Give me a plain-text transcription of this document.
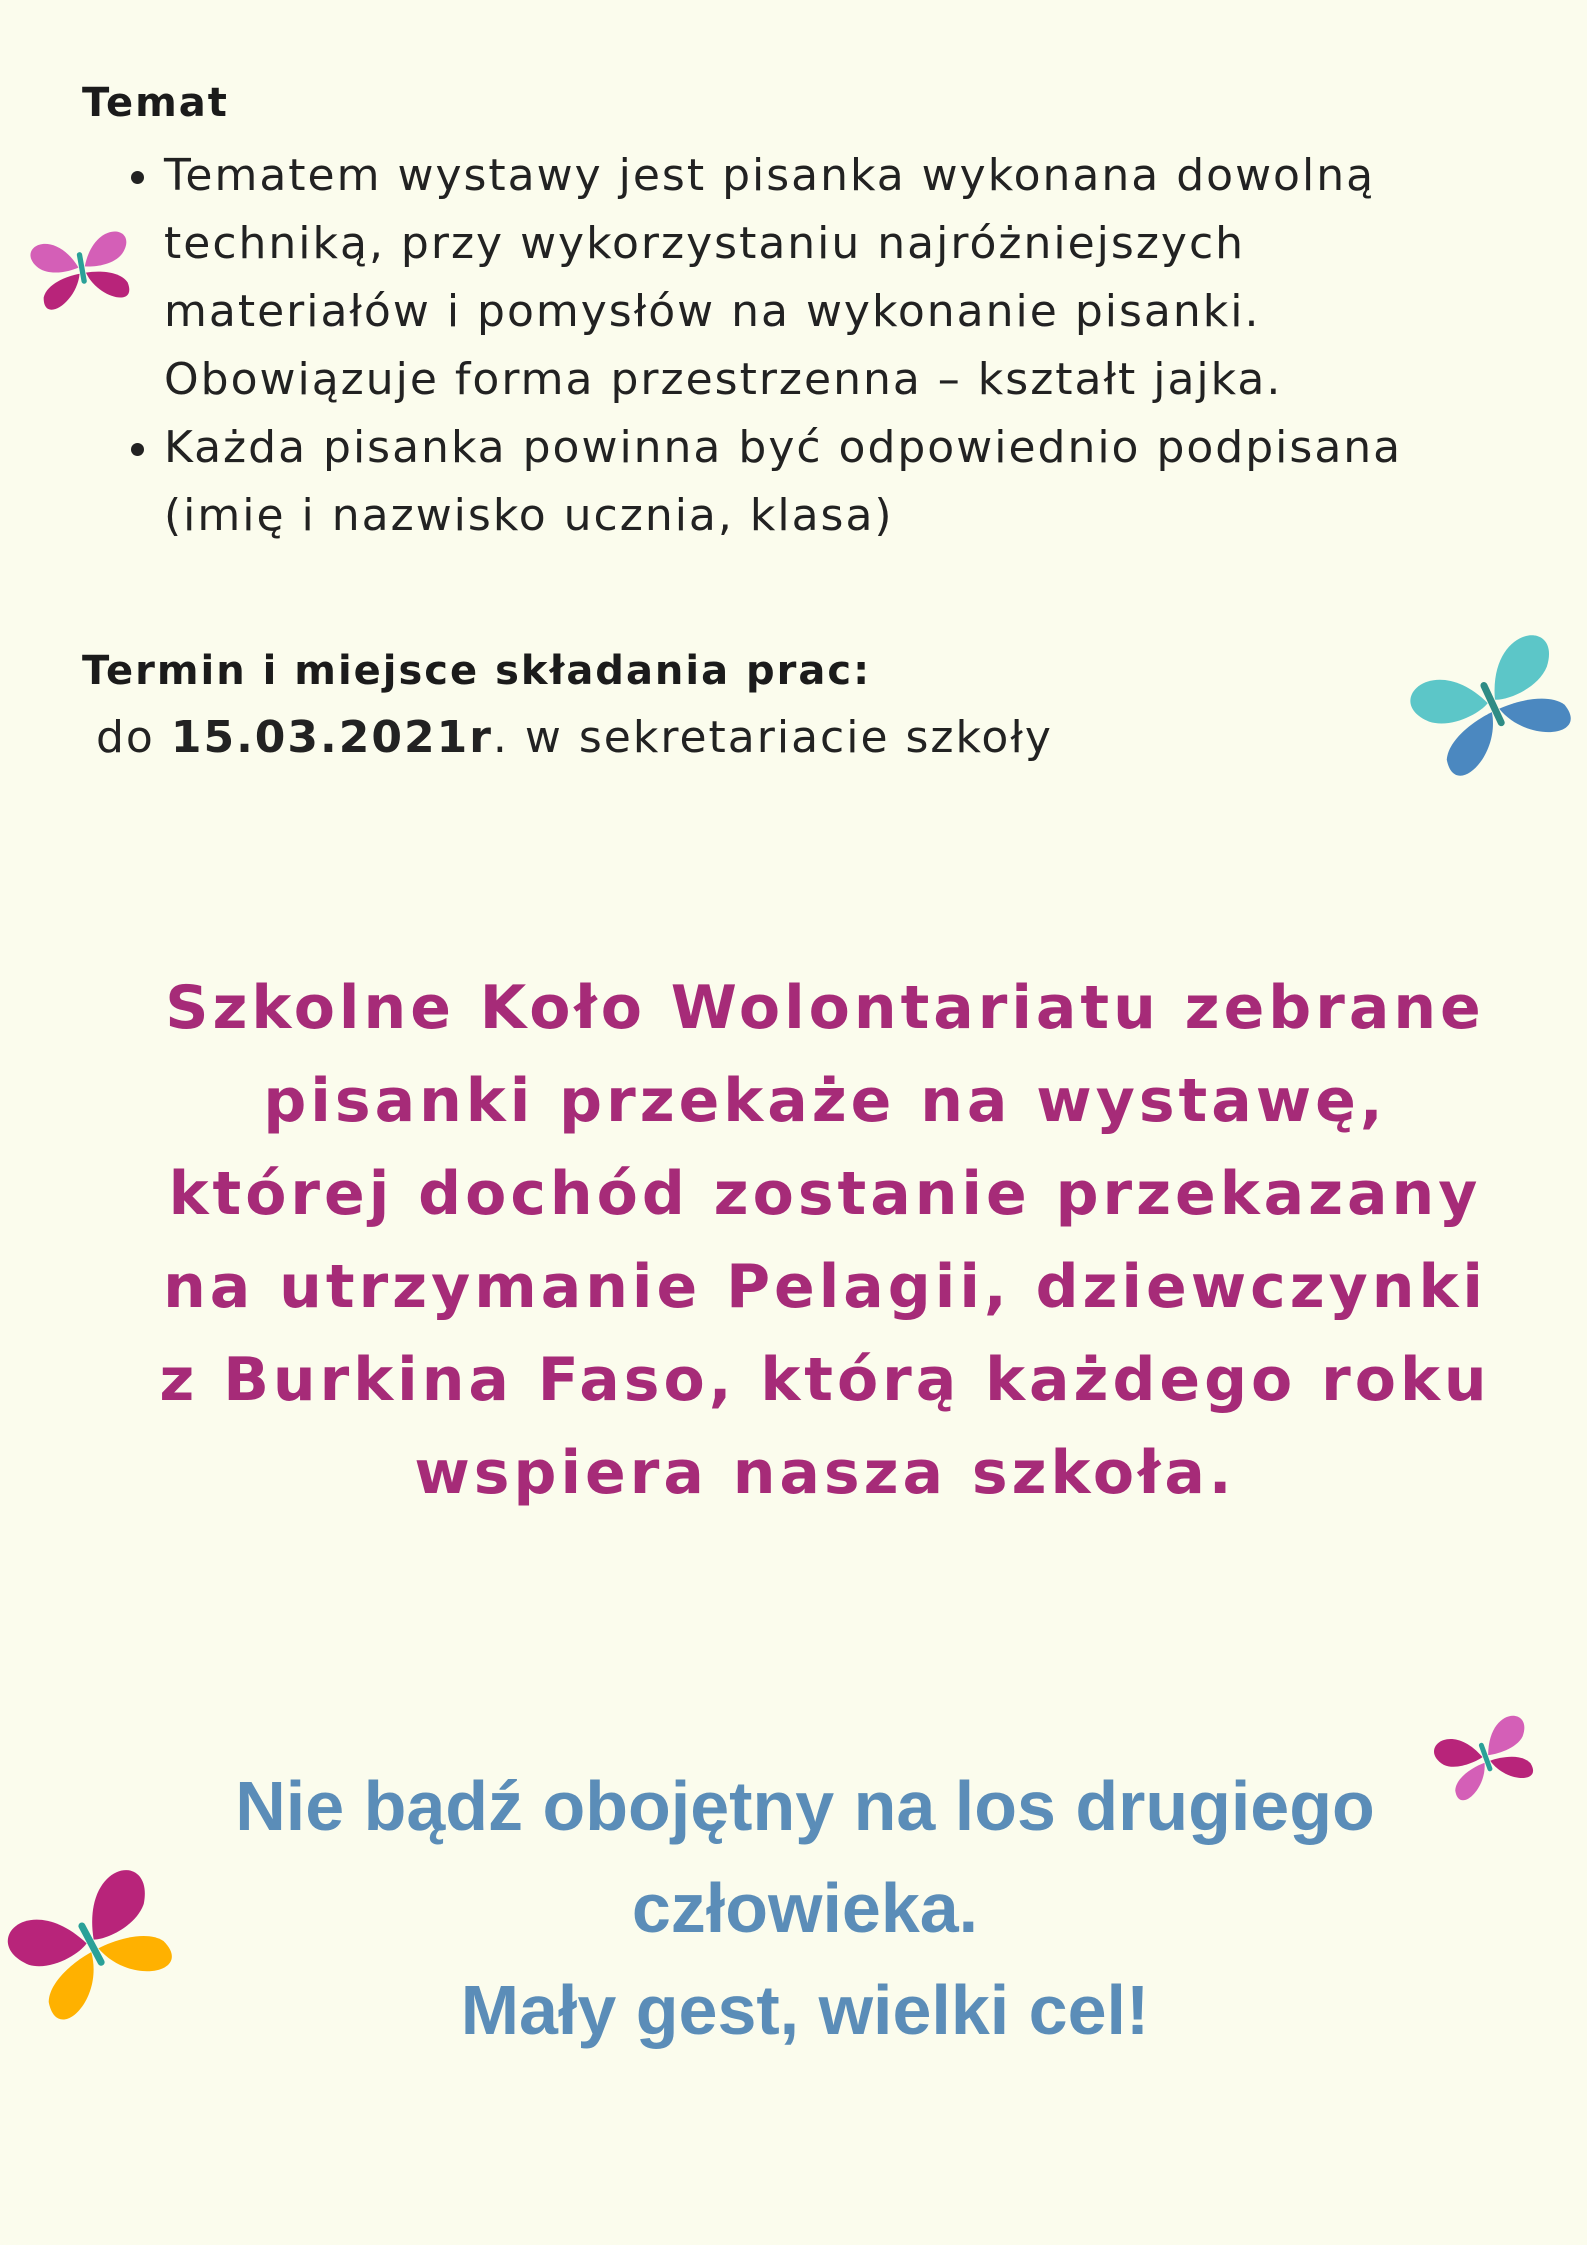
Temat
• Tematem wystawy jest pisanka wykonana dowolną techniką, przy wykorzystaniu najróżniejszych materiałów i pomysłów na wykonanie pisanki. Obowiązuje forma przestrzenna – kształt jajka.
• Każda pisanka powinna być odpowiednio podpisana (imię i nazwisko ucznia, klasa)
Termin i miejsce składania prac:

do 15.03.2021r. w sekretariacie szkoły

Szkolne Koło Wolontariatu zebrane pisanki przekaże na wystawę, której dochód zostanie przekazany na utrzymanie Pelagii, dziewczynki z Burkina Faso, którą każdego roku wspiera nasza szkoła.

Nie bądź obojętny na los drugiego człowieka.
Mały gest, wielki cel!
